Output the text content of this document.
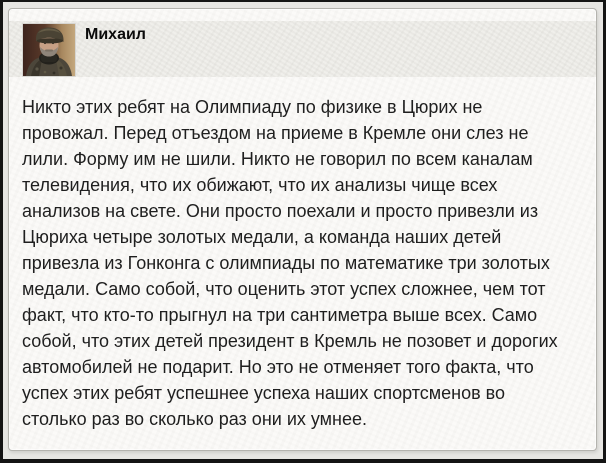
Михаил
Никто этих ребят на Олимпиаду по физике в Цюрих не провожал. Перед отъездом на приеме в Кремле они слез не лили. Форму им не шили. Никто не говорил по всем каналам телевидения, что их обижают, что их анализы чище всех анализов на свете. Они просто поехали и просто привезли из Цюриха четыре золотых медали, а команда наших детей привезла из Гонконга с олимпиады по математике три золотых медали. Само собой, что оценить этот успех сложнее, чем тот факт, что кто-то прыгнул на три сантиметра выше всех. Само собой, что этих детей президент в Кремль не позовет и дорогих автомобилей не подарит. Но это не отменяет того факта, что успех этих ребят успешнее успеха наших спортсменов во столько раз во сколько раз они их умнее.
